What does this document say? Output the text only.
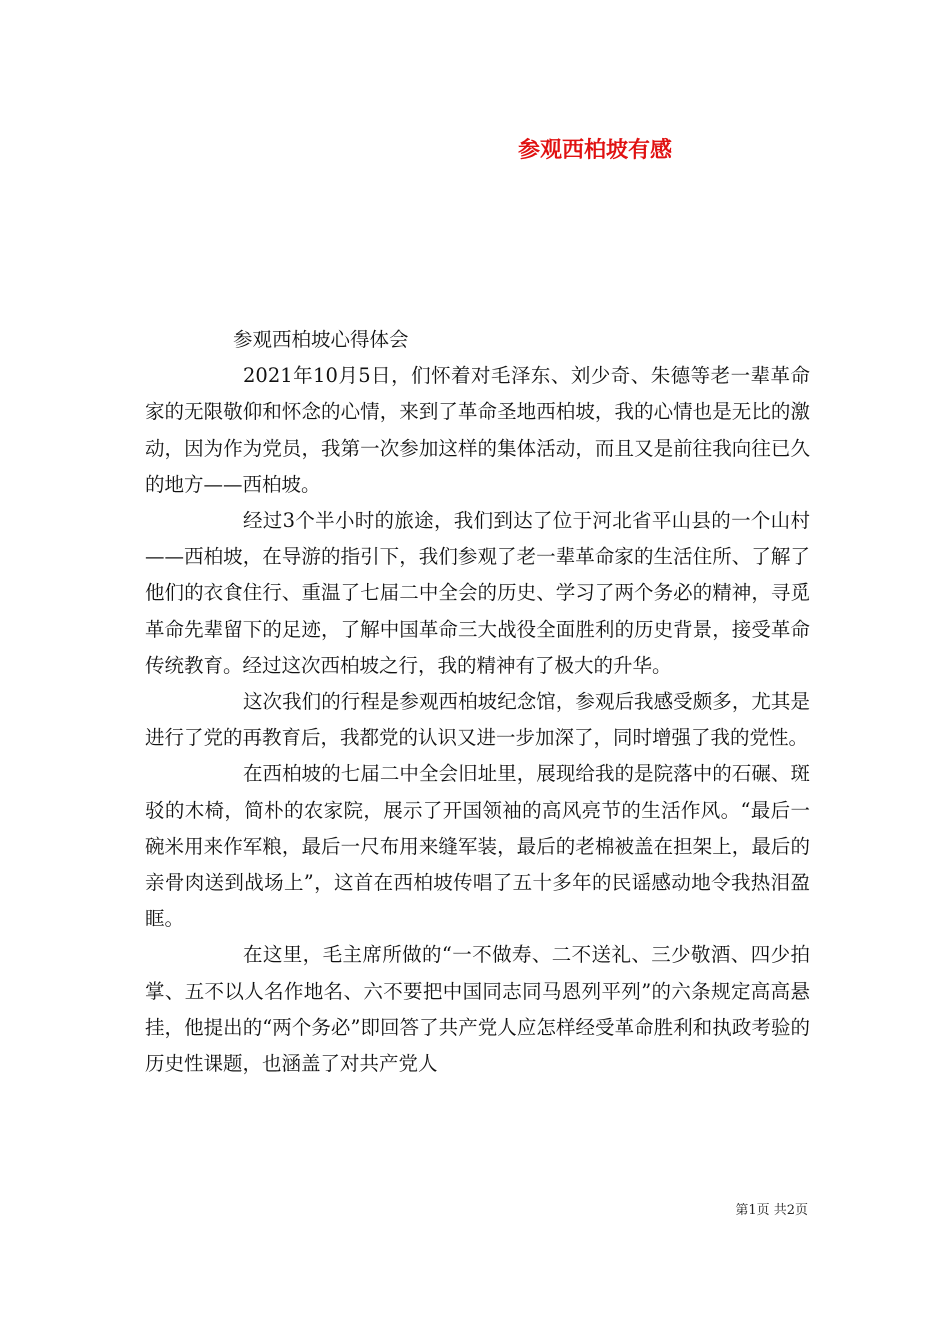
参观西柏坡有感

参观西柏坡心得体会

2021年10月5日，们怀着对毛泽东、刘少奇、朱德等老一辈革命家的无限敬仰和怀念的心情，来到了革命圣地西柏坡，我的心情也是无比的激动，因为作为党员，我第一次参加这样的集体活动，而且又是前往我向往已久的地方——西柏坡。

经过3个半小时的旅途，我们到达了位于河北省平山县的一个山村——西柏坡，在导游的指引下，我们参观了老一辈革命家的生活住所、了解了他们的衣食住行、重温了七届二中全会的历史、学习了两个务必的精神，寻觅革命先辈留下的足迹，了解中国革命三大战役全面胜利的历史背景，接受革命传统教育。经过这次西柏坡之行，我的精神有了极大的升华。

这次我们的行程是参观西柏坡纪念馆，参观后我感受颇多，尤其是进行了党的再教育后，我都党的认识又进一步加深了，同时增强了我的党性。

在西柏坡的七届二中全会旧址里，展现给我的是院落中的石碾、斑驳的木椅，简朴的农家院，展示了开国领袖的高风亮节的生活作风。“最后一碗米用来作军粮，最后一尺布用来缝军装，最后的老棉被盖在担架上，最后的亲骨肉送到战场上”，这首在西柏坡传唱了五十多年的民谣感动地令我热泪盈眶。

在这里，毛主席所做的“一不做寿、二不送礼、三少敬酒、四少拍掌、五不以人名作地名、六不要把中国同志同马恩列平列”的六条规定高高悬挂，他提出的“两个务必”即回答了共产党人应怎样经受革命胜利和执政考验的历史性课题，也涵盖了对共产党人

第1页 共2页
